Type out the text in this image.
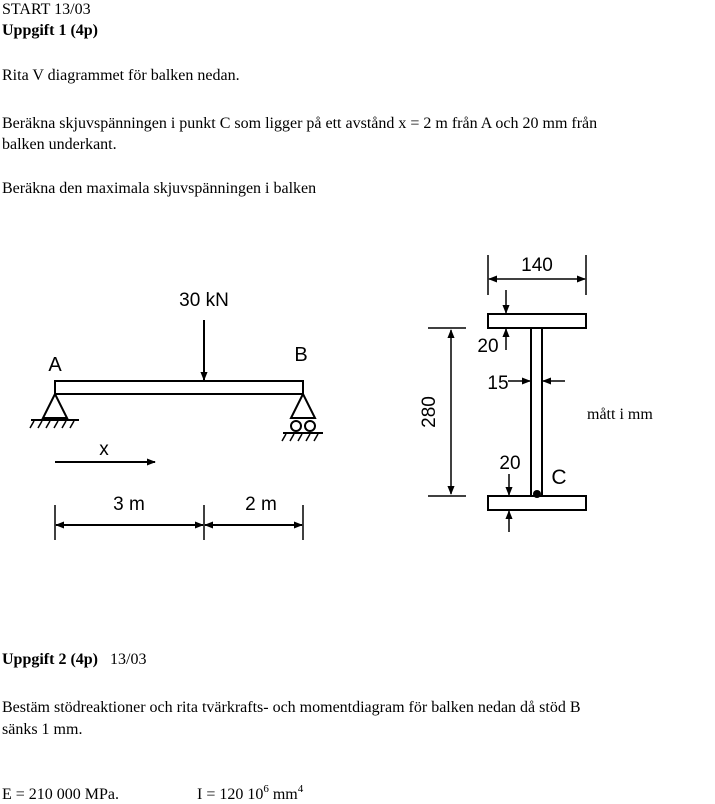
START 13/03
Uppgift 1 (4p)
Rita V diagrammet för balken nedan.
Beräkna skjuvspänningen i punkt C som ligger på ett avstånd x = 2 m från A och 20 mm från
balken underkant.
Beräkna den maximala skjuvspänningen i balken
30 kN
A	B
x
3 m	2 m
140
280
20
15
20
C
mått i mm
Uppgift 2 (4p) 13/03
Bestäm stödreaktioner och rita tvärkrafts- och momentdiagram för balken nedan då stöd B
sänks 1 mm.
E = 210 000 MPa.	I = 120 $10^6$ $mm^4$
